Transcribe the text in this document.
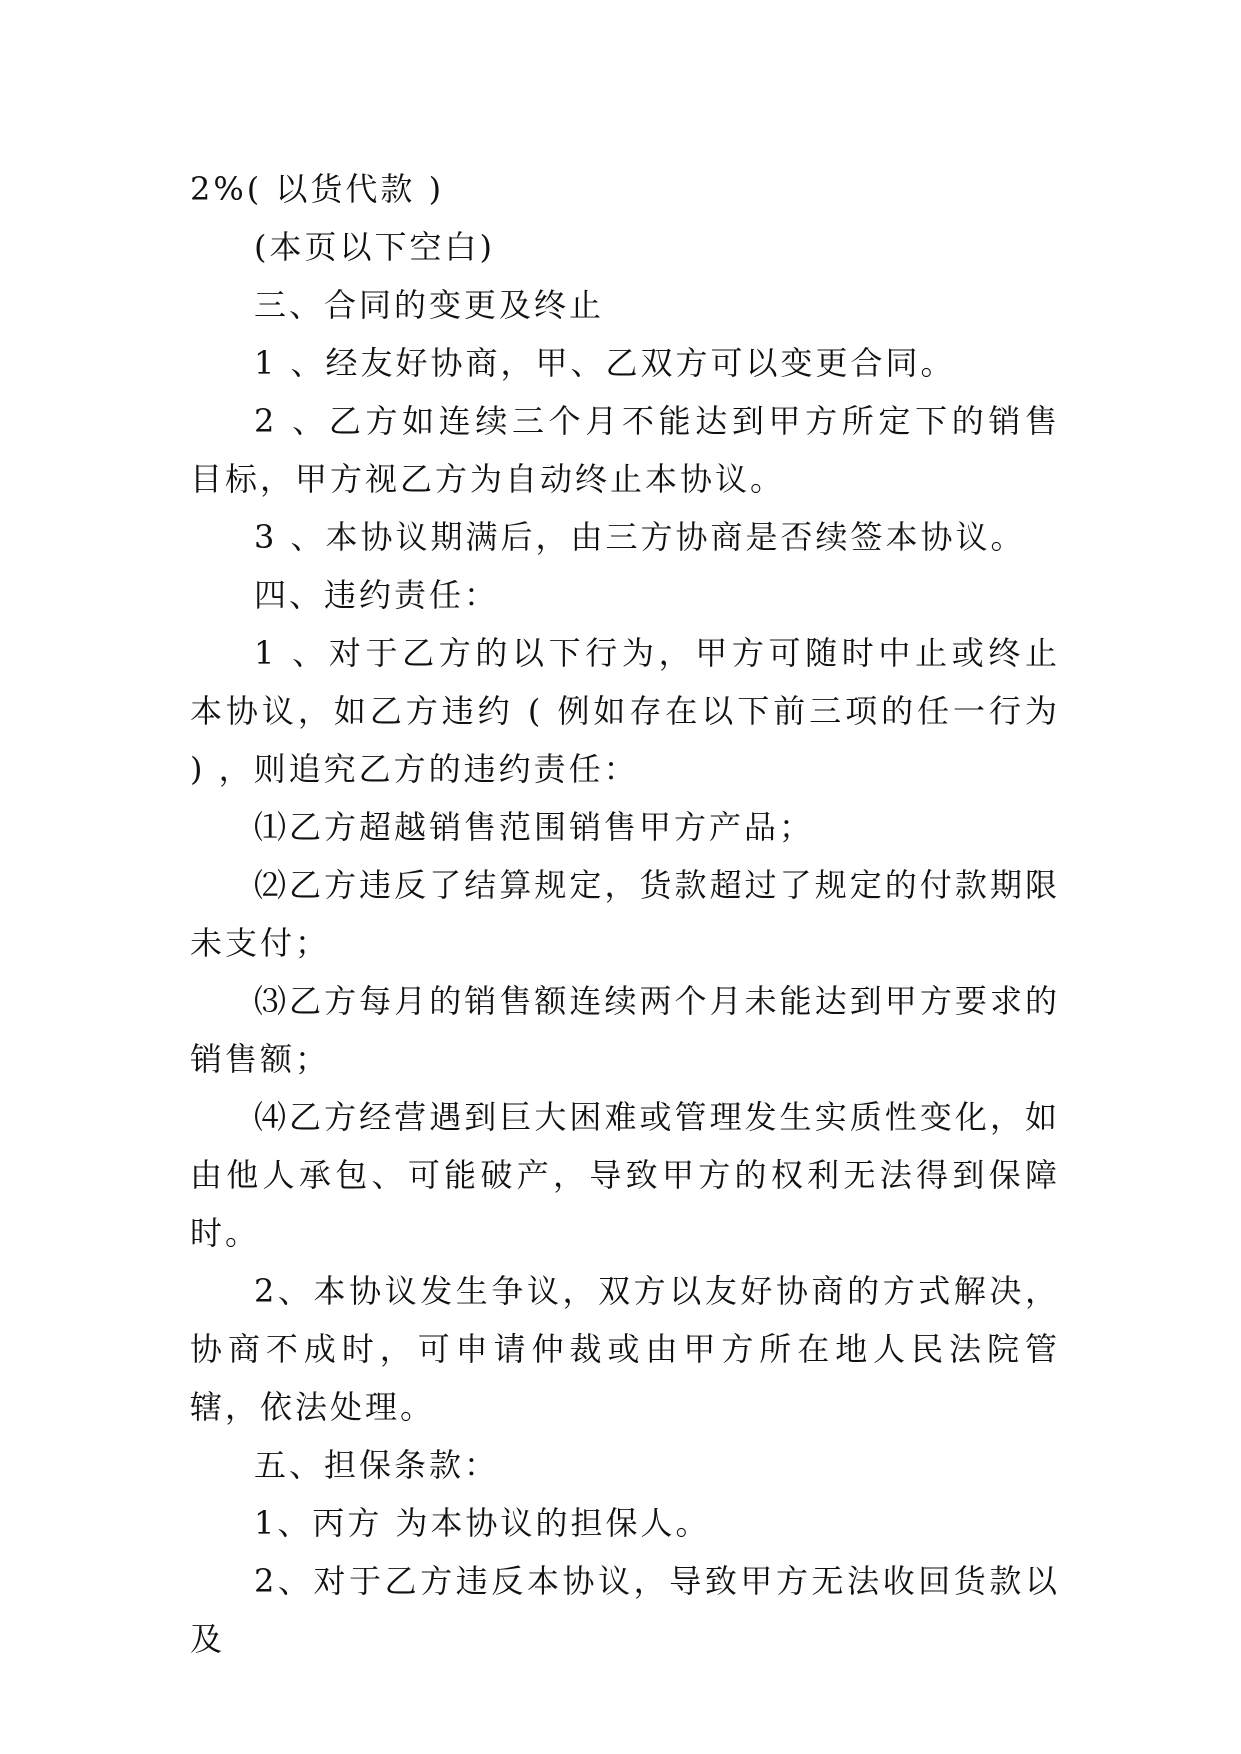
2%( 以货代款 )

(本页以下空白)

三、合同的变更及终止

1 、经友好协商，甲、乙双方可以变更合同。

2 、乙方如连续三个月不能达到甲方所定下的销售目标，甲方视乙方为自动终止本协议。

3 、本协议期满后，由三方协商是否续签本协议。

四、违约责任：

1 、对于乙方的以下行为，甲方可随时中止或终止本协议，如乙方违约 ( 例如存在以下前三项的任一行为 ) ，则追究乙方的违约责任：

⑴乙方超越销售范围销售甲方产品；

⑵乙方违反了结算规定，货款超过了规定的付款期限未支付；

⑶乙方每月的销售额连续两个月未能达到甲方要求的销售额；

⑷乙方经营遇到巨大困难或管理发生实质性变化，如由他人承包、可能破产，导致甲方的权利无法得到保障时。

2、本协议发生争议，双方以友好协商的方式解决，协商不成时，可申请仲裁或由甲方所在地人民法院管辖，依法处理。

五、担保条款：

1、丙方 为本协议的担保人。

2、对于乙方违反本协议，导致甲方无法收回货款以及
